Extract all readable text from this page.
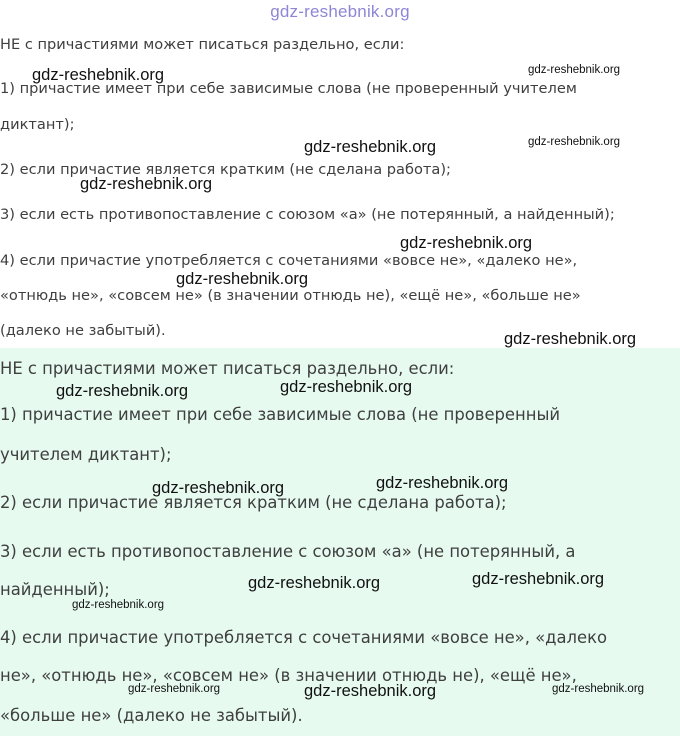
НЕ с причастиями может писаться раздельно, если:

1) причастие имеет при себе зависимые слова (не проверенный учителем

диктант);

2) если причастие является кратким (не сделана работа);

3) если есть противопоставление с союзом «а» (не потерянный, а найденный);

4) если причастие употребляется с сочетаниями «вовсе не», «далеко не»,

«отнюдь не», «совсем не» (в значении отнюдь не), «ещё не», «больше не»

(далеко не забытый).

gdz-reshebnik.org

НЕ с причастиями может писаться раздельно, если:

1) причастие имеет при себе зависимые слова (не проверенный

учителем диктант);

2) если причастие является кратким (не сделана работа);

3) если есть противопоставление с союзом «а» (не потерянный, а

найденный);

4) если причастие употребляется с сочетаниями «вовсе не», «далеко

не», «отнюдь не», «совсем не» (в значении отнюдь не), «ещё не»,

«больше не» (далеко не забытый).

gdz-reshebnik.org	gdz-reshebnik.org
gdz-reshebnik.org	gdz-reshebnik.org
gdz-reshebnik.org
gdz-reshebnik.org
gdz-reshebnik.org
gdz-reshebnik.org
gdz-reshebnik.org	gdz-reshebnik.org
gdz-reshebnik.org	gdz-reshebnik.org
gdz-reshebnik.org	gdz-reshebnik.org
gdz-reshebnik.org
gdz-reshebnik.org	gdz-reshebnik.org	gdz-reshebnik.org
